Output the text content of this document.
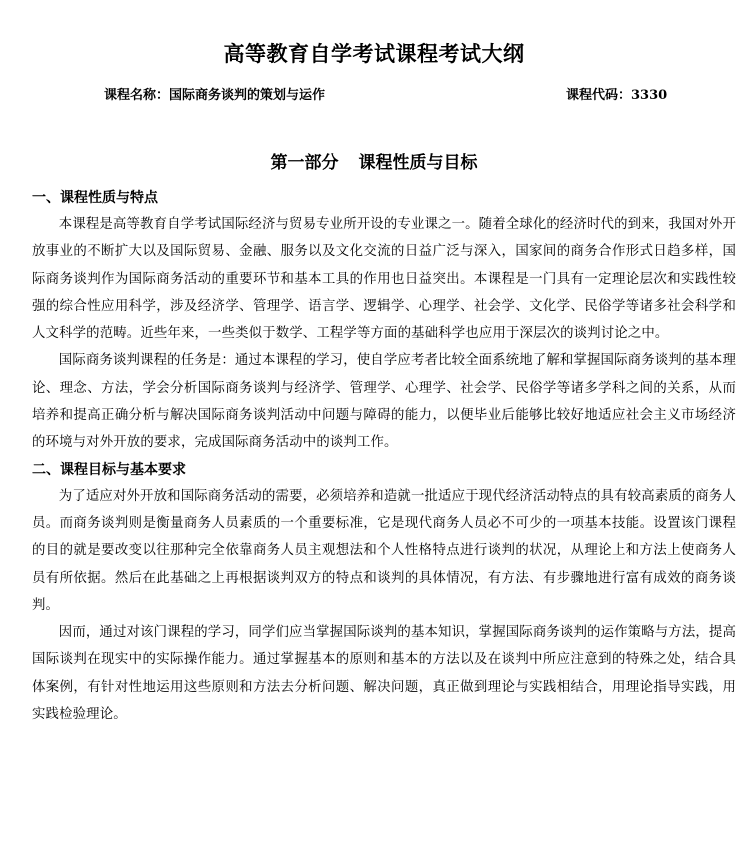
高等教育自学考试课程考试大纲
课程名称：国际商务谈判的策划与运作	课程代码：3330
第一部分 课程性质与目标
一、课程性质与特点

本课程是高等教育自学考试国际经济与贸易专业所开设的专业课之一。随着全球化的经济时代的到来，我国对外开放事业的不断扩大以及国际贸易、金融、服务以及文化交流的日益广泛与深入，国家间的商务合作形式日趋多样，国际商务谈判作为国际商务活动的重要环节和基本工具的作用也日益突出。本课程是一门具有一定理论层次和实践性较强的综合性应用科学，涉及经济学、管理学、语言学、逻辑学、心理学、社会学、文化学、民俗学等诸多社会科学和人文科学的范畴。近些年来，一些类似于数学、工程学等方面的基础科学也应用于深层次的谈判讨论之中。

国际商务谈判课程的任务是：通过本课程的学习，使自学应考者比较全面系统地了解和掌握国际商务谈判的基本理论、理念、方法，学会分析国际商务谈判与经济学、管理学、心理学、社会学、民俗学等诸多学科之间的关系，从而培养和提高正确分析与解决国际商务谈判活动中问题与障碍的能力，以便毕业后能够比较好地适应社会主义市场经济的环境与对外开放的要求，完成国际商务活动中的谈判工作。

二、课程目标与基本要求

为了适应对外开放和国际商务活动的需要，必须培养和造就一批适应于现代经济活动特点的具有较高素质的商务人员。而商务谈判则是衡量商务人员素质的一个重要标准，它是现代商务人员必不可少的一项基本技能。设置该门课程的目的就是要改变以往那种完全依靠商务人员主观想法和个人性格特点进行谈判的状况，从理论上和方法上使商务人员有所依据。然后在此基础之上再根据谈判双方的特点和谈判的具体情况，有方法、有步骤地进行富有成效的商务谈判。

因而，通过对该门课程的学习，同学们应当掌握国际谈判的基本知识，掌握国际商务谈判的运作策略与方法，提高国际谈判在现实中的实际操作能力。通过掌握基本的原则和基本的方法以及在谈判中所应注意到的特殊之处，结合具体案例，有针对性地运用这些原则和方法去分析问题、解决问题，真正做到理论与实践相结合，用理论指导实践，用实践检验理论。
